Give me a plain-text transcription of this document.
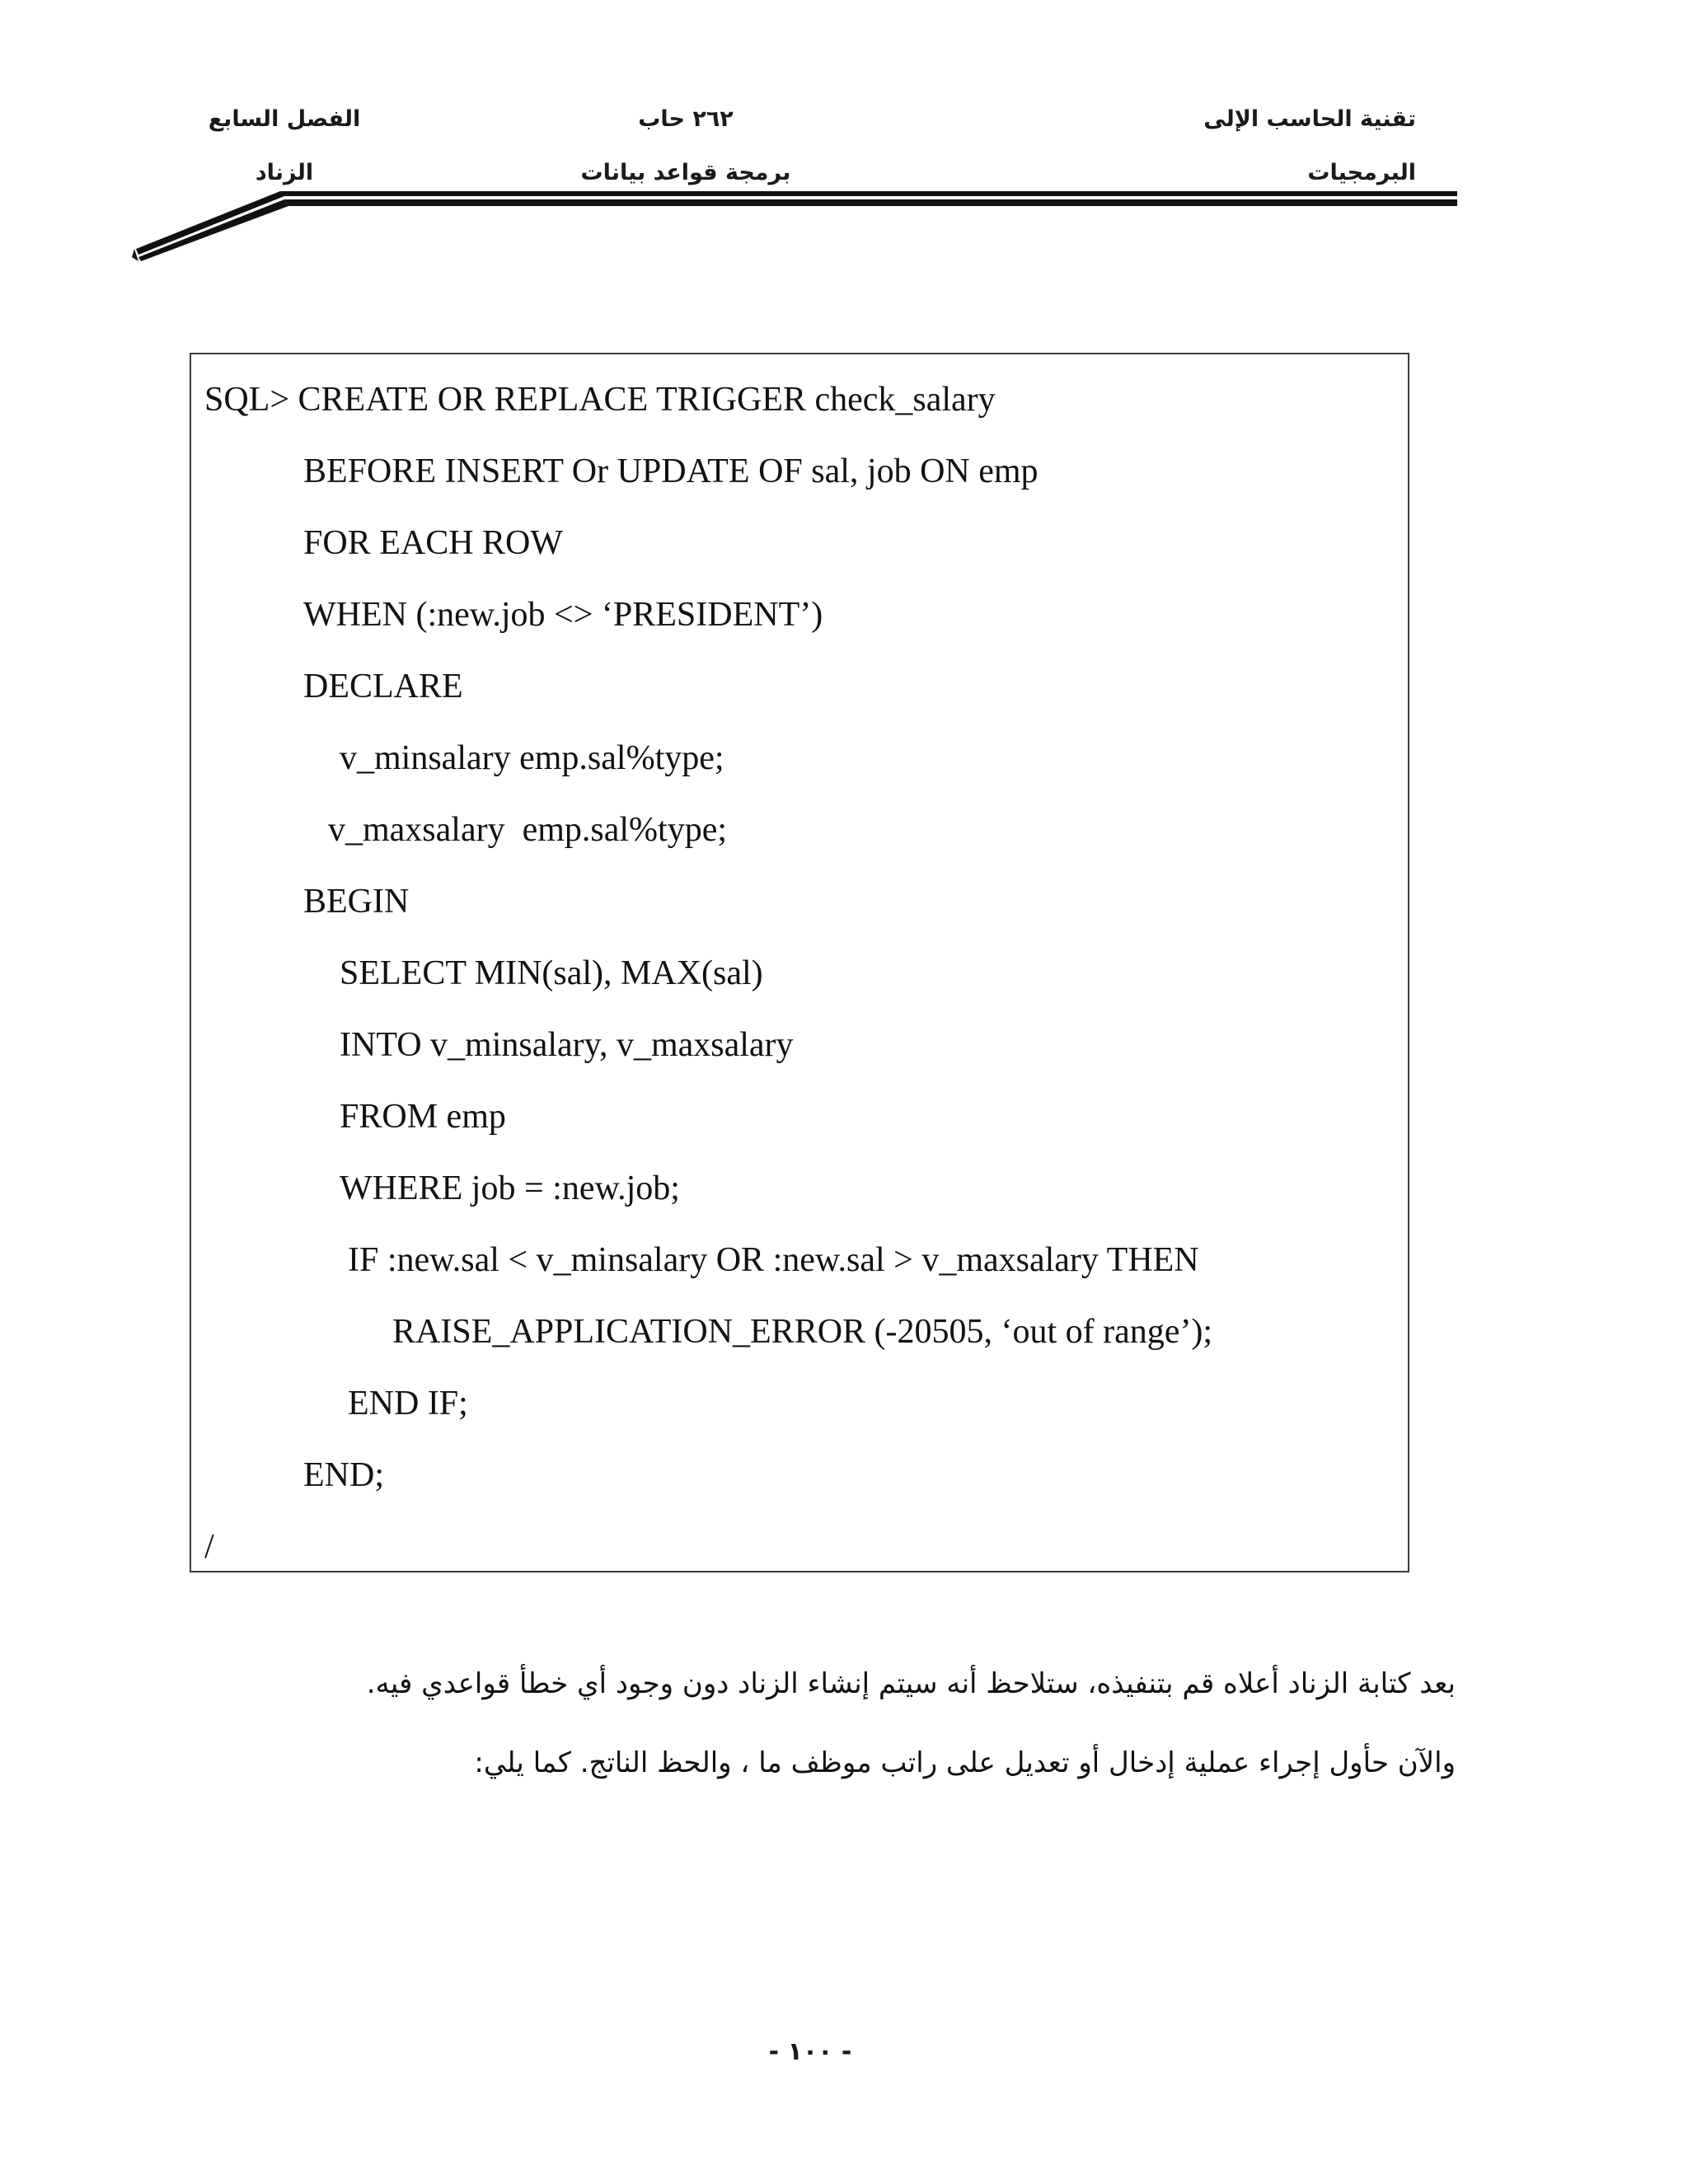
تقنية الحاسب الإلى
البرمجيات
٢٦٢ حاب
برمجة قواعد بيانات
الفصل السابع
الزناد
SQL> CREATE OR REPLACE TRIGGER check_salary
BEFORE INSERT Or UPDATE OF sal, job ON emp
FOR EACH ROW
WHEN (:new.job <> ‘PRESIDENT’)
DECLARE
v_minsalary emp.sal%type;
v_maxsalary  emp.sal%type;
BEGIN
SELECT MIN(sal), MAX(sal)
INTO v_minsalary, v_maxsalary
FROM emp
WHERE job = :new.job;
IF :new.sal < v_minsalary OR :new.sal > v_maxsalary THEN
RAISE_APPLICATION_ERROR (-20505, ‘out of range’);
END IF;
END;
/
بعد كتابة الزناد أعلاه قم بتنفيذه، ستلاحظ أنه سيتم إنشاء الزناد دون وجود أي خطأ قواعدي فيه.
والآن حأول إجراء عملية إدخال أو تعديل على راتب موظف ما ، والحظ الناتج. كما يلي:
- ١٠٠ -
